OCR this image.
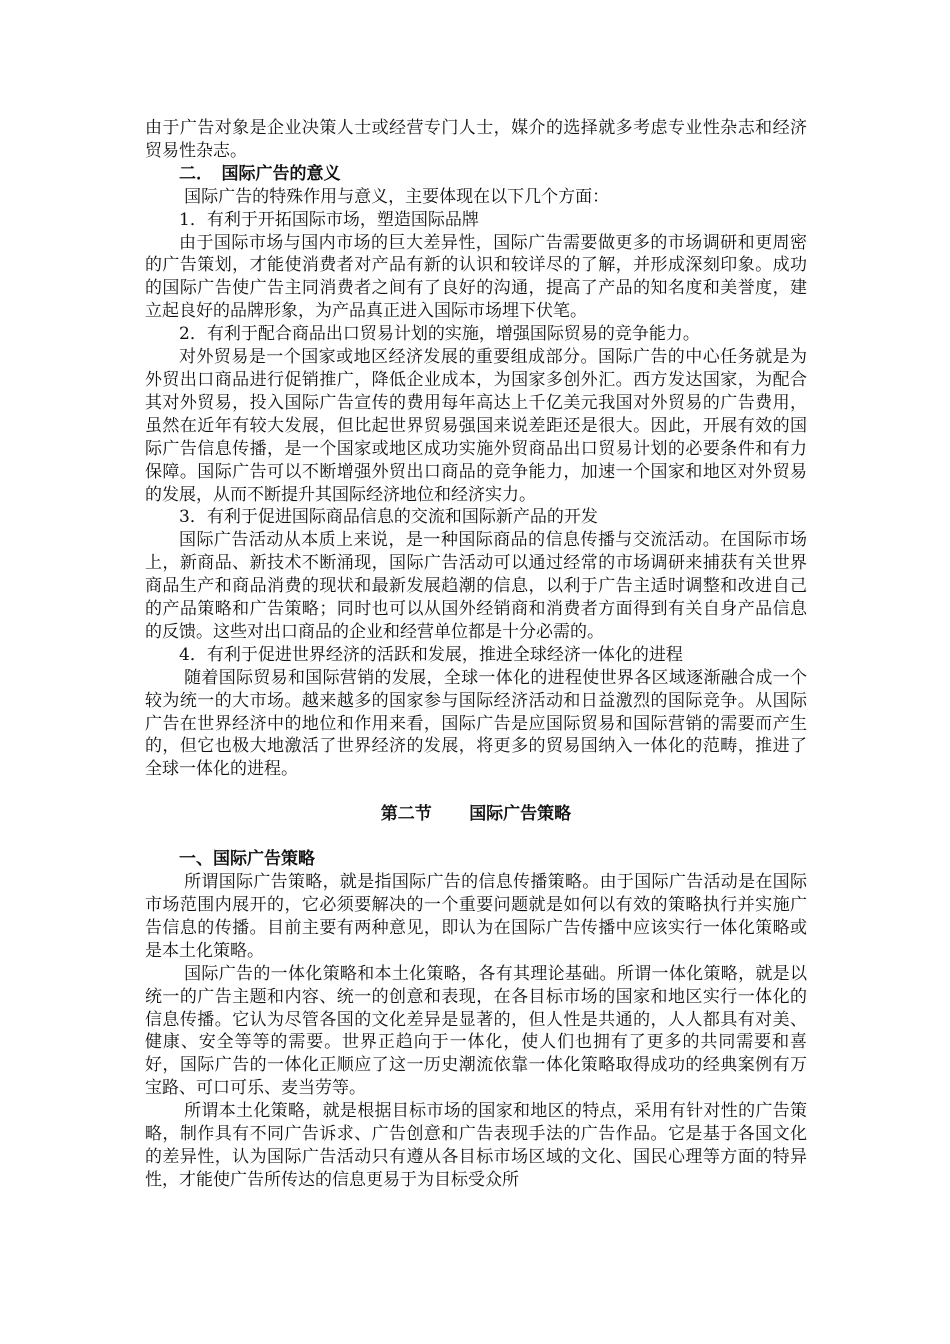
由于广告对象是企业决策人士或经营专门人士，媒介的选择就多考虑专业性杂志和经济贸易性杂志。

二．　国际广告的意义

国际广告的特殊作用与意义，主要体现在以下几个方面：

1．有利于开拓国际市场，塑造国际品牌

由于国际市场与国内市场的巨大差异性，国际广告需要做更多的市场调研和更周密的广告策划，才能使消费者对产品有新的认识和较详尽的了解，并形成深刻印象。成功的国际广告使广告主同消费者之间有了良好的沟通，提高了产品的知名度和美誉度，建立起良好的品牌形象，为产品真正进入国际市场埋下伏笔。

2．有利于配合商品出口贸易计划的实施，增强国际贸易的竞争能力。

对外贸易是一个国家或地区经济发展的重要组成部分。国际广告的中心任务就是为外贸出口商品进行促销推广，降低企业成本，为国家多创外汇。西方发达国家，为配合其对外贸易，投入国际广告宣传的费用每年高达上千亿美元我国对外贸易的广告费用，虽然在近年有较大发展，但比起世界贸易强国来说差距还是很大。因此，开展有效的国际广告信息传播，是一个国家或地区成功实施外贸商品出口贸易计划的必要条件和有力保障。国际广告可以不断增强外贸出口商品的竞争能力，加速一个国家和地区对外贸易的发展，从而不断提升其国际经济地位和经济实力。

3．有利于促进国际商品信息的交流和国际新产品的开发

国际广告活动从本质上来说，是一种国际商品的信息传播与交流活动。在国际市场上，新商品、新技术不断涌现，国际广告活动可以通过经常的市场调研来捕获有关世界商品生产和商品消费的现状和最新发展趋潮的信息，以利于广告主适时调整和改进自己的产品策略和广告策略；同时也可以从国外经销商和消费者方面得到有关自身产品信息的反馈。这些对出口商品的企业和经营单位都是十分必需的。

4．有利于促进世界经济的活跃和发展，推进全球经济一体化的进程

随着国际贸易和国际营销的发展，全球一体化的进程使世界各区域逐渐融合成一个较为统一的大市场。越来越多的国家参与国际经济活动和日益激烈的国际竞争。从国际广告在世界经济中的地位和作用来看，国际广告是应国际贸易和国际营销的需要而产生的，但它也极大地激活了世界经济的发展，将更多的贸易国纳入一体化的范畴，推进了全球一体化的进程。

第二节 国际广告策略

一、国际广告策略

所谓国际广告策略，就是指国际广告的信息传播策略。由于国际广告活动是在国际市场范围内展开的，它必须要解决的一个重要问题就是如何以有效的策略执行并实施广告信息的传播。目前主要有两种意见，即认为在国际广告传播中应该实行一体化策略或是本土化策略。

国际广告的一体化策略和本土化策略，各有其理论基础。所谓一体化策略，就是以统一的广告主题和内容、统一的创意和表现，在各目标市场的国家和地区实行一体化的信息传播。它认为尽管各国的文化差异是显著的，但人性是共通的，人人都具有对美、健康、安全等等的需要。世界正趋向于一体化，使人们也拥有了更多的共同需要和喜好，国际广告的一体化正顺应了这一历史潮流依靠一体化策略取得成功的经典案例有万宝路、可口可乐、麦当劳等。

所谓本土化策略，就是根据目标市场的国家和地区的特点，采用有针对性的广告策略，制作具有不同广告诉求、广告创意和广告表现手法的广告作品。它是基于各国文化的差异性，认为国际广告活动只有遵从各目标市场区域的文化、国民心理等方面的特异性，才能使广告所传达的信息更易于为目标受众所
